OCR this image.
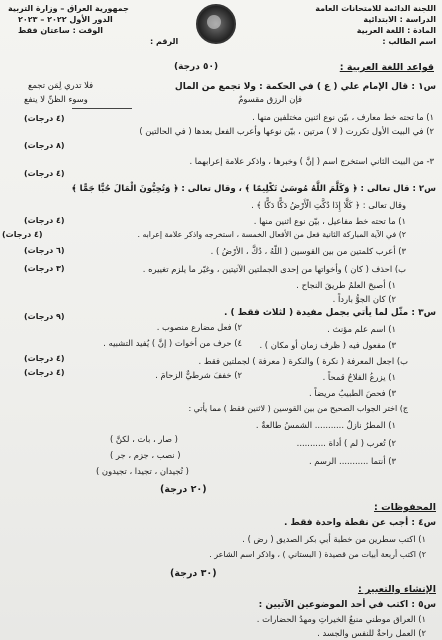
اللجنة الدائمة للامتحانات العامة
الدراسة : الابتدائية
المادة : اللغة العربية
اسم الطالب :
جمهورية العراق – وزارة التربية
الدور الأول ٢٠٢٢ – ٢٠٢٣
الوقت : ساعتان فقط
الرقم :
قواعد اللغة العربية :
(٥٠ درجة)
س١ : قال الإمام علي ( ع ) في الحكمة : ولا تجمع من المال
فلا تدري لِمَن تجمع
فإن الرزق مقسومٌ
وسوء الظنِّ لا ينفع
١) ما تحته خط معارف ، بيّن نوع اثنين مختلفين منها .
(٤ درجات)
٢) في البيت الأول تكررت ( لا ) مرتين ، بيّن نوعها وأعرب الفعل بعدها ( في الحالتين )
(٨ درجات)
٣- من البيت الثاني استخرج اسم ( إنَّ ) وخبرها ، واذكر علامة إعرابهما .
(٤ درجات)
س٢ : قال تعالى : ﴿ وَكَلَّمَ اللَّهُ مُوسَىٰ تَكْلِيمًا ﴾ ، وقال تعالى : ﴿ وَتُحِبُّونَ الْمَالَ حُبًّا جَمًّا ﴾
وقال تعالى : ﴿ كَلَّا إِذَا دُكَّتِ الْأَرْضُ دَكًّا دَكًّا ﴾ .
١) ما تحته خط مفاعيل ، بيّن نوع اثنين منها .
(٤ درجات)
٢) في الآية المباركة الثانية فعل من الأفعال الخمسة ، استخرجه واذكر علامة إعرابه .
(٤ درجات)
٣) أعرب كلمتين من بين القوسين ( اللّهُ ، دُكَّ ، الأرْضُ ) .
(٦ درجات)
ب) احذف ( كان ) وأخواتها من إحدى الجملتين الآتيتين ، وغيّر ما يلزم تغييره .
(٣ درجات)
١) أصبحَ العلمُ طريقَ النجاح .
٢) كان الجوُّ بارداً .
س٣ : مثّل لما يأتي بجمل مفيدة ( لثلاث فقط ) .
(٩ درجات)
١) اسم علم مؤنث .
٢) فعل مضارع منصوب .
٣) مفعول فيه ( ظرف زمان أو مكان ) .
٤) حرف من أخوات ( إنَّ ) يُفيد التشبيه .
ب) اجعل المعرفة ( نكرة ) والنكرة ( معرفة ) لجملتين فقط .
(٤ درجات)
١) يزرعُ الفلاحُ قمحاً .
٢) خففَ شرطيٌّ الزحامَ .
٣) فحصَ الطبيبُ مريضاً .
ج) اختر الجواب الصحيح من بين القوسين ( لاثنين فقط ) مما يأتي :
(٤ درجات)
١) المطرُ نازلٌ ........... الشمسُ طالعةٌ .
( صار ، بات ، لكنَّ )	٢) تُعرب ( لم ) أداة ...........
( نصب ، جزم ، جر )
٣) أنتما ........... الرسم .
( تُجيدان ، تجيدا ، تجيدون )
(٢٠ درجة)
المحفوظات :
س٤ : أجب عن نقطة واحدة فقط .
١) اكتب سطرين من خطبة أبي بكر الصديق ( رض ) .
٢) اكتب أربعة أبيات من قصيدة ( البستاني ) ، واذكر اسم الشاعر .
(٣٠ درجة)
الإنشاء والتعبير :
س٥ : اكتب في أحد الموضوعين الآتيين :
١) العراق موطني منبعُ الخيراتِ ومهدُ الحضارات .
٢) العمل راحةٌ للنفس والجسد .
